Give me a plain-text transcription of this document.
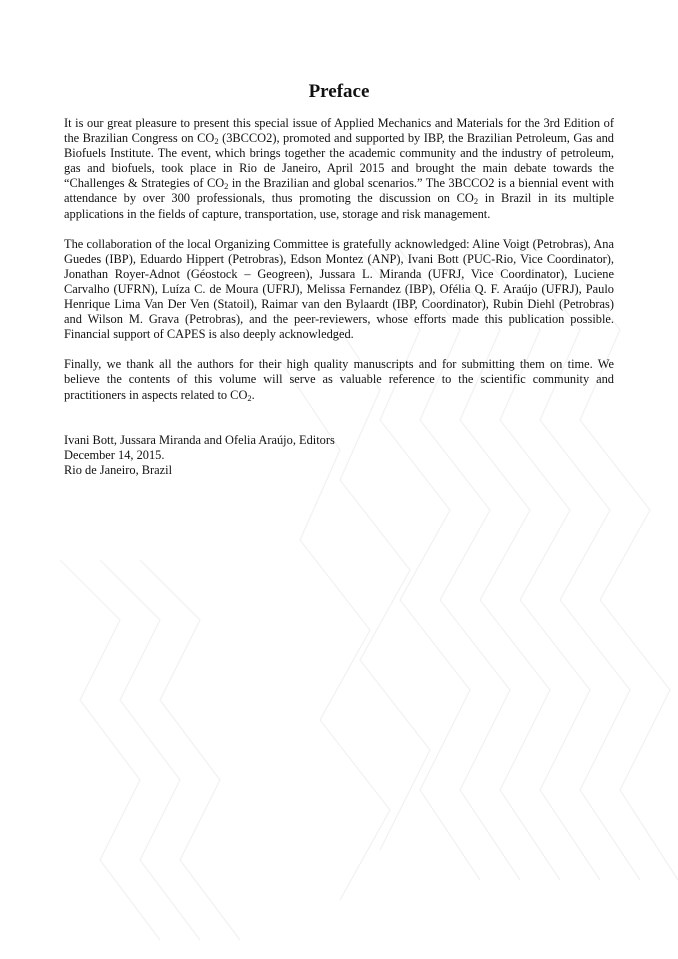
Preface

It is our great pleasure to present this special issue of Applied Mechanics and Materials for the 3rd Edition of the Brazilian Congress on $CO_2$ (3BCCO2), promoted and supported by IBP, the Brazilian Petroleum, Gas and Biofuels Institute. The event, which brings together the academic community and the industry of petroleum, gas and biofuels, took place in Rio de Janeiro, April 2015 and brought the main debate towards the “Challenges & Strategies of $CO_2$ in the Brazilian and global scenarios.” The 3BCCO2 is a biennial event with attendance by over 300 professionals, thus promoting the discussion on $CO_2$ in Brazil in its multiple applications in the fields of capture, transportation, use, storage and risk management.

The collaboration of the local Organizing Committee is gratefully acknowledged: Aline Voigt (Petrobras), Ana Guedes (IBP), Eduardo Hippert (Petrobras), Edson Montez (ANP), Ivani Bott (PUC-Rio, Vice Coordinator), Jonathan Royer-Adnot (Géostock – Geogreen), Jussara L. Miranda (UFRJ, Vice Coordinator), Luciene Carvalho (UFRN), Luíza C. de Moura (UFRJ), Melissa Fernandez (IBP), Ofélia Q. F. Araújo (UFRJ), Paulo Henrique Lima Van Der Ven (Statoil), Raimar van den Bylaardt (IBP, Coordinator), Rubin Diehl (Petrobras) and Wilson M. Grava (Petrobras), and the peer-reviewers, whose efforts made this publication possible. Financial support of CAPES is also deeply acknowledged.

Finally, we thank all the authors for their high quality manuscripts and for submitting them on time. We believe the contents of this volume will serve as valuable reference to the scientific community and practitioners in aspects related to $CO_2$.

Ivani Bott, Jussara Miranda and Ofelia Araújo, Editors
December 14, 2015.
Rio de Janeiro, Brazil
